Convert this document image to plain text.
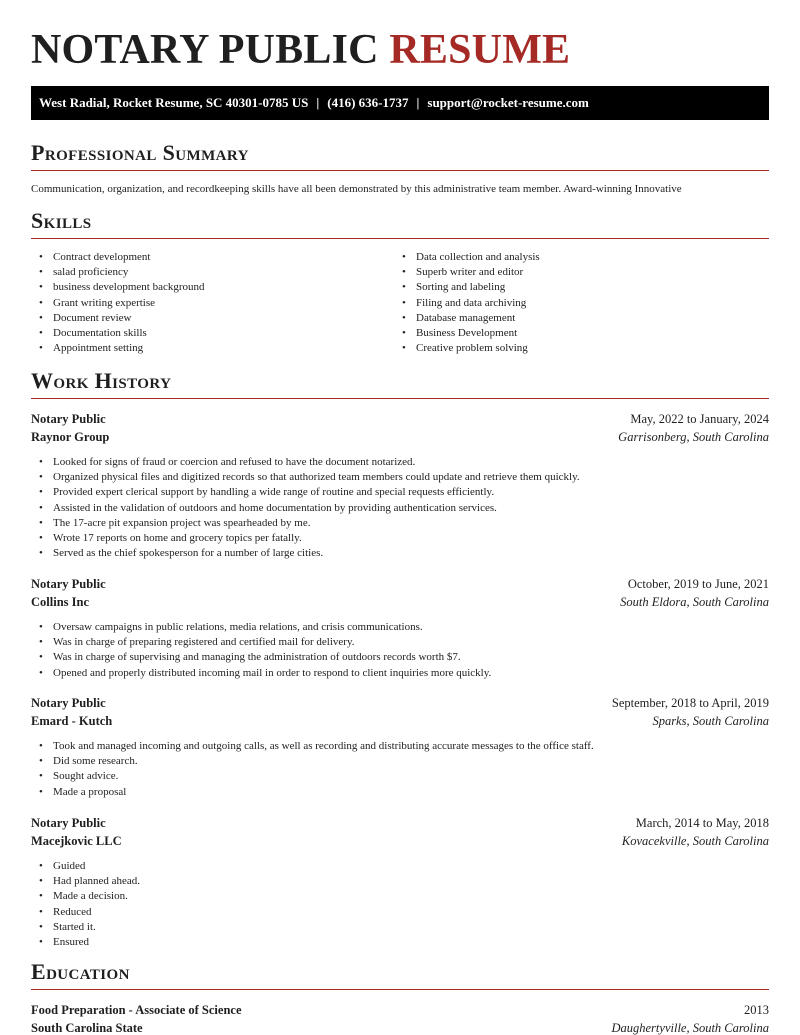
NOTARY PUBLIC RESUME
West Radial, Rocket Resume, SC 40301-0785 US | (416) 636-1737 | support@rocket-resume.com
Professional Summary
Communication, organization, and recordkeeping skills have all been demonstrated by this administrative team member. Award-winning Innovative
Skills
• Contract development
• salad proficiency
• business development background
• Grant writing expertise
• Document review
• Documentation skills
• Appointment setting
• Data collection and analysis
• Superb writer and editor
• Sorting and labeling
• Filing and data archiving
• Database management
• Business Development
• Creative problem solving
Work History
Notary Public	May, 2022 to January, 2024
Raynor Group	Garrisonberg, South Carolina
• Looked for signs of fraud or coercion and refused to have the document notarized.
• Organized physical files and digitized records so that authorized team members could update and retrieve them quickly.
• Provided expert clerical support by handling a wide range of routine and special requests efficiently.
• Assisted in the validation of outdoors and home documentation by providing authentication services.
• The 17-acre pit expansion project was spearheaded by me.
• Wrote 17 reports on home and grocery topics per fatally.
• Served as the chief spokesperson for a number of large cities.
Notary Public	October, 2019 to June, 2021
Collins Inc	South Eldora, South Carolina
• Oversaw campaigns in public relations, media relations, and crisis communications.
• Was in charge of preparing registered and certified mail for delivery.
• Was in charge of supervising and managing the administration of outdoors records worth $7.
• Opened and properly distributed incoming mail in order to respond to client inquiries more quickly.
Notary Public	September, 2018 to April, 2019
Emard - Kutch	Sparks, South Carolina
• Took and managed incoming and outgoing calls, as well as recording and distributing accurate messages to the office staff.
• Did some research.
• Sought advice.
• Made a proposal
Notary Public	March, 2014 to May, 2018
Macejkovic LLC	Kovacekville, South Carolina
• Guided
• Had planned ahead.
• Made a decision.
• Reduced
• Started it.
• Ensured
Education
Food Preparation - Associate of Science	2013
South Carolina State	Daughertyville, South Carolina
